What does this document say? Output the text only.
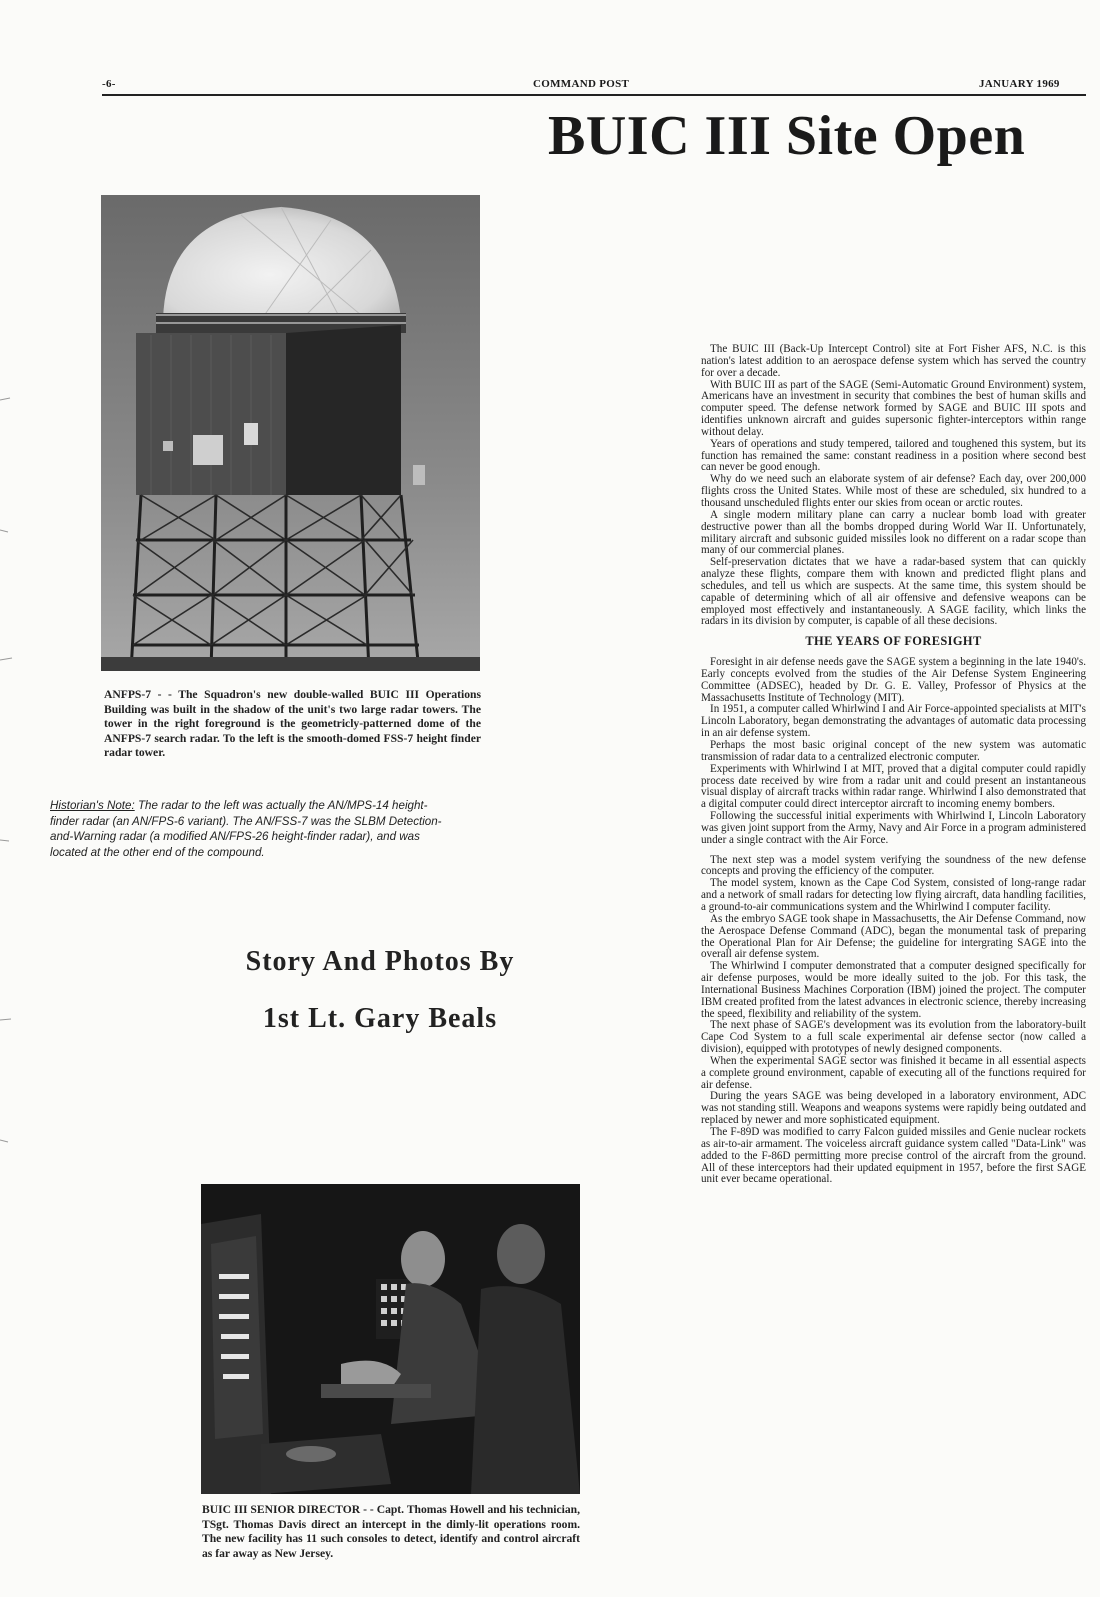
-6-	COMMAND POST	JANUARY 1969
BUIC III Site Open
ANFPS-7 - - The Squadron's new double-walled BUIC III Operations Building was built in the shadow of the unit's two large radar towers. The tower in the right foreground is the geometricly-patterned dome of the ANFPS-7 search radar. To the left is the smooth-domed FSS-7 height finder radar tower.
Historian's Note: The radar to the left was actually the AN/MPS-14 height-finder radar (an AN/FPS-6 variant). The AN/FSS-7 was the SLBM Detection-and-Warning radar (a modified AN/FPS-26 height-finder radar), and was located at the other end of the compound.
Story And Photos By
1st Lt. Gary Beals
BUIC III SENIOR DIRECTOR - - Capt. Thomas Howell and his technician, TSgt. Thomas Davis direct an intercept in the dimly-lit operations room. The new facility has 11 such consoles to detect, identify and control aircraft as far away as New Jersey.

The BUIC III (Back-Up Intercept Control) site at Fort Fisher AFS, N.C. is this nation's latest addition to an aerospace defense system which has served the country for over a decade.

With BUIC III as part of the SAGE (Semi-Automatic Ground Environment) system, Americans have an investment in security that combines the best of human skills and computer speed. The defense network formed by SAGE and BUIC III spots and identifies unknown aircraft and guides supersonic fighter-interceptors within range without delay.

Years of operations and study tempered, tailored and toughened this system, but its function has remained the same: constant readiness in a position where second best can never be good enough.

Why do we need such an elaborate system of air defense? Each day, over 200,000 flights cross the United States. While most of these are scheduled, six hundred to a thousand unscheduled flights enter our skies from ocean or arctic routes.

A single modern military plane can carry a nuclear bomb load with greater destructive power than all the bombs dropped during World War II. Unfortunately, military aircraft and subsonic guided missiles look no different on a radar scope than many of our commercial planes.

Self-preservation dictates that we have a radar-based system that can quickly analyze these flights, compare them with known and predicted flight plans and schedules, and tell us which are suspects. At the same time, this system should be capable of determining which of all air offensive and defensive weapons can be employed most effectively and instantaneously. A SAGE facility, which links the radars in its division by computer, is capable of all these decisions.

THE YEARS OF FORESIGHT

Foresight in air defense needs gave the SAGE system a beginning in the late 1940's. Early concepts evolved from the studies of the Air Defense System Engineering Committee (ADSEC), headed by Dr. G. E. Valley, Professor of Physics at the Massachusetts Institute of Technology (MIT).

In 1951, a computer called Whirlwind I and Air Force-appointed specialists at MIT's Lincoln Laboratory, began demonstrating the advantages of automatic data processing in an air defense system.

Perhaps the most basic original concept of the new system was automatic transmission of radar data to a centralized electronic computer.

Experiments with Whirlwind I at MIT, proved that a digital computer could rapidly process date received by wire from a radar unit and could present an instantaneous visual display of aircraft tracks within radar range. Whirlwind I also demonstrated that a digital computer could direct interceptor aircraft to incoming enemy bombers.

Following the successful initial experiments with Whirlwind I, Lincoln Laboratory was given joint support from the Army, Navy and Air Force in a program administered under a single contract with the Air Force.

The next step was a model system verifying the soundness of the new defense concepts and proving the efficiency of the computer.

The model system, known as the Cape Cod System, consisted of long-range radar and a network of small radars for detecting low flying aircraft, data handling facilities, a ground-to-air communications system and the Whirlwind I computer facility.

As the embryo SAGE took shape in Massachusetts, the Air Defense Command, now the Aerospace Defense Command (ADC), began the monumental task of preparing the Operational Plan for Air Defense; the guideline for intergrating SAGE into the overall air defense system.

The Whirlwind I computer demonstrated that a computer designed specifically for air defense purposes, would be more ideally suited to the job. For this task, the International Business Machines Corporation (IBM) joined the project. The computer IBM created profited from the latest advances in electronic science, thereby increasing the speed, flexibility and reliability of the system.

The next phase of SAGE's development was its evolution from the laboratory-built Cape Cod System to a full scale experimental air defense sector (now called a division), equipped with prototypes of newly designed components.

When the experimental SAGE sector was finished it became in all essential aspects a complete ground environment, capable of executing all of the functions required for air defense.

During the years SAGE was being developed in a laboratory environment, ADC was not standing still. Weapons and weapons systems were rapidly being outdated and replaced by newer and more sophisticated equipment.

The F-89D was modified to carry Falcon guided missiles and Genie nuclear rockets as air-to-air armament. The voiceless aircraft guidance system called "Data-Link" was added to the F-86D permitting more precise control of the aircraft from the ground. All of these interceptors had their updated equipment in 1957, before the first SAGE unit ever became operational.
